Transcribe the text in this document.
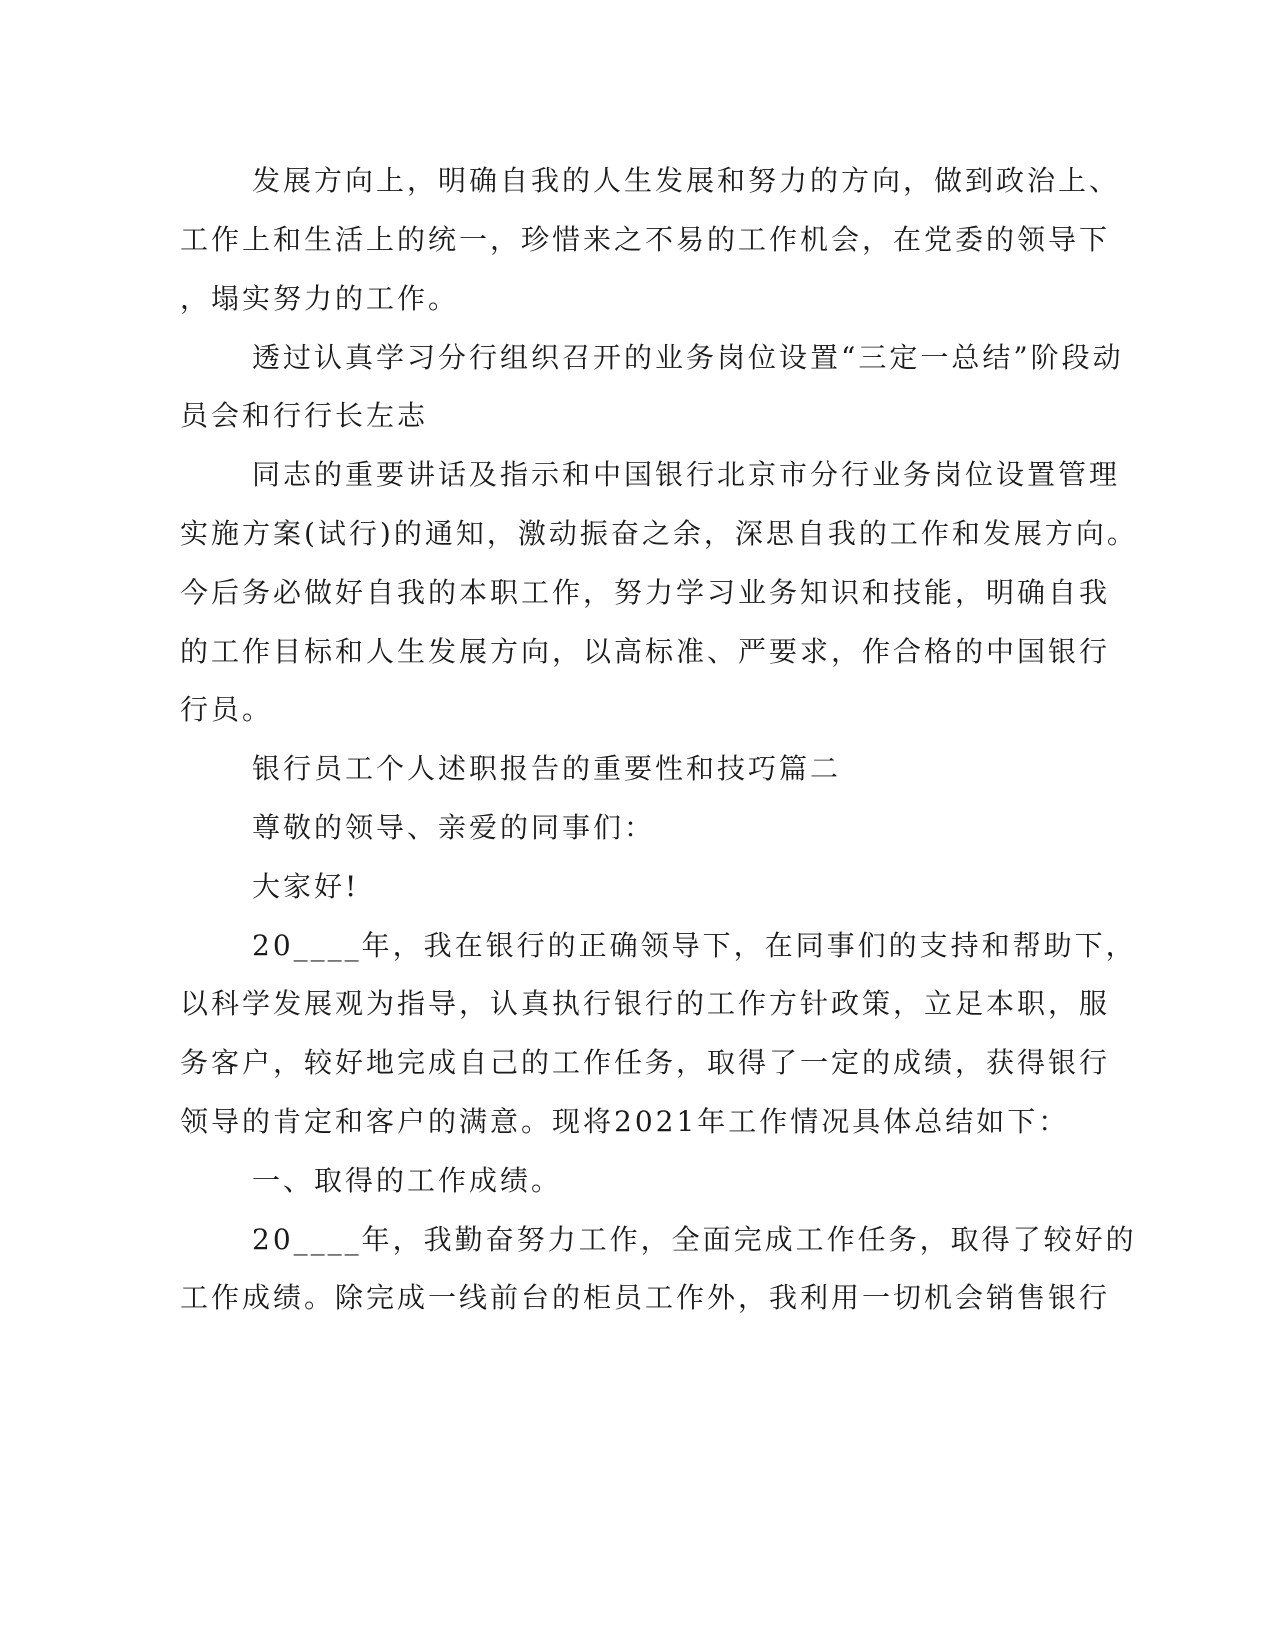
发展方向上，明确自我的人生发展和努力的方向，做到政治上、

工作上和生活上的统一，珍惜来之不易的工作机会，在党委的领导下

，塌实努力的工作。

透过认真学习分行组织召开的业务岗位设置“三定一总结”阶段动

员会和行行长左志

同志的重要讲话及指示和中国银行北京市分行业务岗位设置管理

实施方案(试行)的通知，激动振奋之余，深思自我的工作和发展方向。

今后务必做好自我的本职工作，努力学习业务知识和技能，明确自我

的工作目标和人生发展方向，以高标准、严要求，作合格的中国银行

行员。

银行员工个人述职报告的重要性和技巧篇二

尊敬的领导、亲爱的同事们：

大家好!

20____年，我在银行的正确领导下，在同事们的支持和帮助下，

以科学发展观为指导，认真执行银行的工作方针政策，立足本职，服

务客户，较好地完成自己的工作任务，取得了一定的成绩，获得银行

领导的肯定和客户的满意。现将2021年工作情况具体总结如下：

一、取得的工作成绩。

20____年，我勤奋努力工作，全面完成工作任务，取得了较好的

工作成绩。除完成一线前台的柜员工作外，我利用一切机会销售银行
